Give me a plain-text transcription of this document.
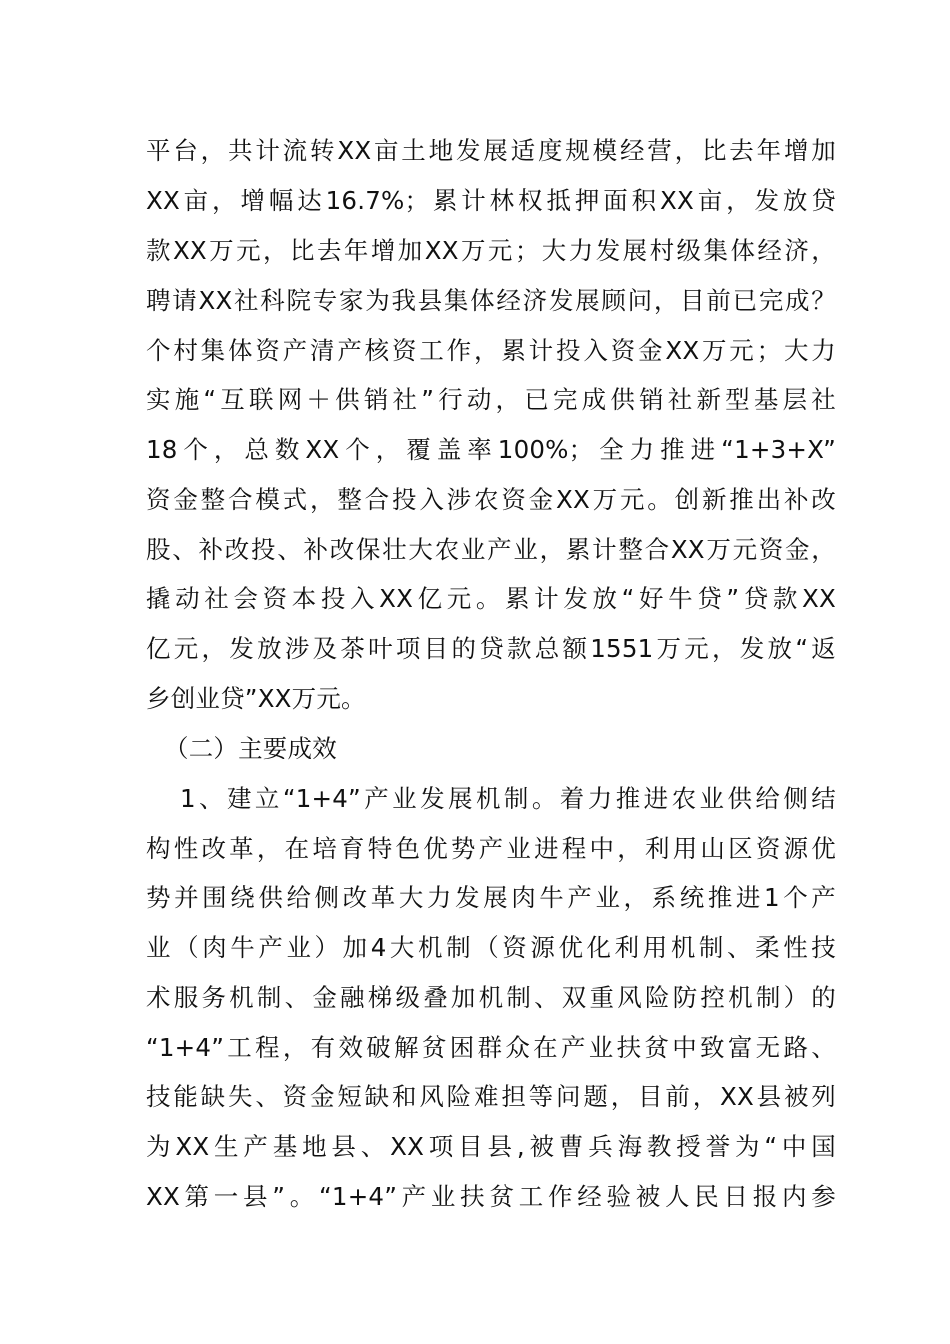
平台，共计流转XX亩土地发展适度规模经营，比去年增加
XX亩，增幅达16.7%；累计林权抵押面积XX亩，发放贷
款XX万元，比去年增加XX万元；大力发展村级集体经济，
聘请XX社科院专家为我县集体经济发展顾问，目前已完成？
个村集体资产清产核资工作，累计投入资金XX万元；大力
实施“互联网＋供销社”行动，已完成供销社新型基层社
18个，总数XX个，覆盖率100%；全力推进“1+3+X”
资金整合模式，整合投入涉农资金XX万元。创新推出补改
股、补改投、补改保壮大农业产业，累计整合XX万元资金，
撬动社会资本投入XX亿元。累计发放“好牛贷”贷款XX
亿元，发放涉及茶叶项目的贷款总额1551万元，发放“返
乡创业贷”XX万元。
（二）主要成效
1、建立“1+4”产业发展机制。着力推进农业供给侧结
构性改革，在培育特色优势产业进程中，利用山区资源优
势并围绕供给侧改革大力发展肉牛产业，系统推进1个产
业（肉牛产业）加4大机制（资源优化利用机制、柔性技
术服务机制、金融梯级叠加机制、双重风险防控机制）的
“1+4”工程，有效破解贫困群众在产业扶贫中致富无路、
技能缺失、资金短缺和风险难担等问题，目前，XX县被列
为XX生产基地县、XX项目县,被曹兵海教授誉为“中国
XX第一县”。“1+4”产业扶贫工作经验被人民日报内参
